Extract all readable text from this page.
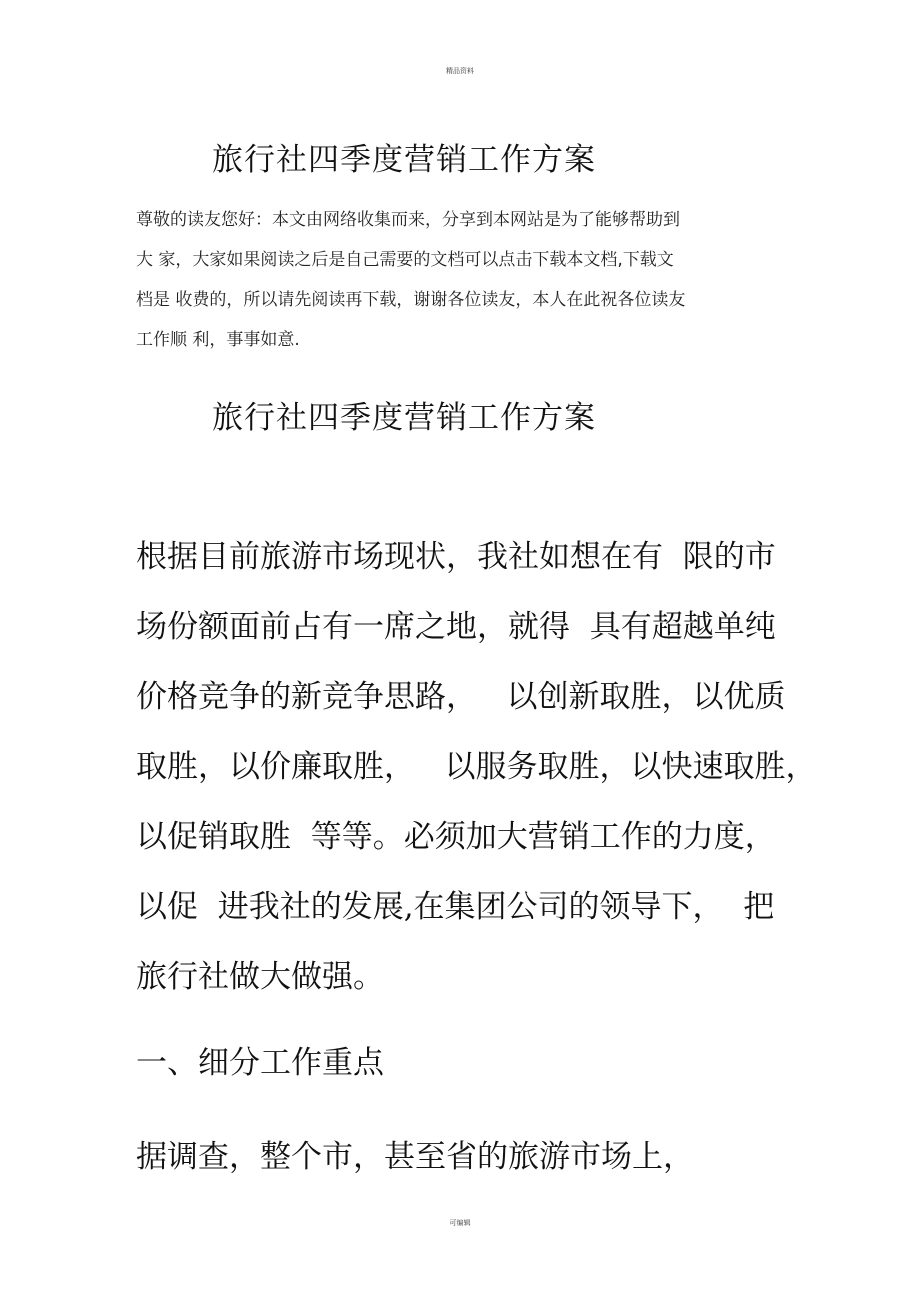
精品资料
旅行社四季度营销工作方案
尊敬的读友您好：本文由网络收集而来，分享到本网站是为了能够帮助到
大 家，大家如果阅读之后是自己需要的文档可以点击下载本文档,下载文
档是 收费的，所以请先阅读再下载，谢谢各位读友，本人在此祝各位读友
工作顺 利，事事如意.
旅行社四季度营销工作方案
根据目前旅游市场现状，我社如想在有  限的市
场份额面前占有一席之地，就得  具有超越单纯
价格竞争的新竞争思路，   以创新取胜，以优质
取胜，以价廉取胜，   以服务取胜，以快速取胜，
以促销取胜  等等。必须加大营销工作的力度，
以促  进我社的发展,在集团公司的领导下，  把
旅行社做大做强。
一、细分工作重点
据调查，整个市，甚至省的旅游市场上，
可编辑
